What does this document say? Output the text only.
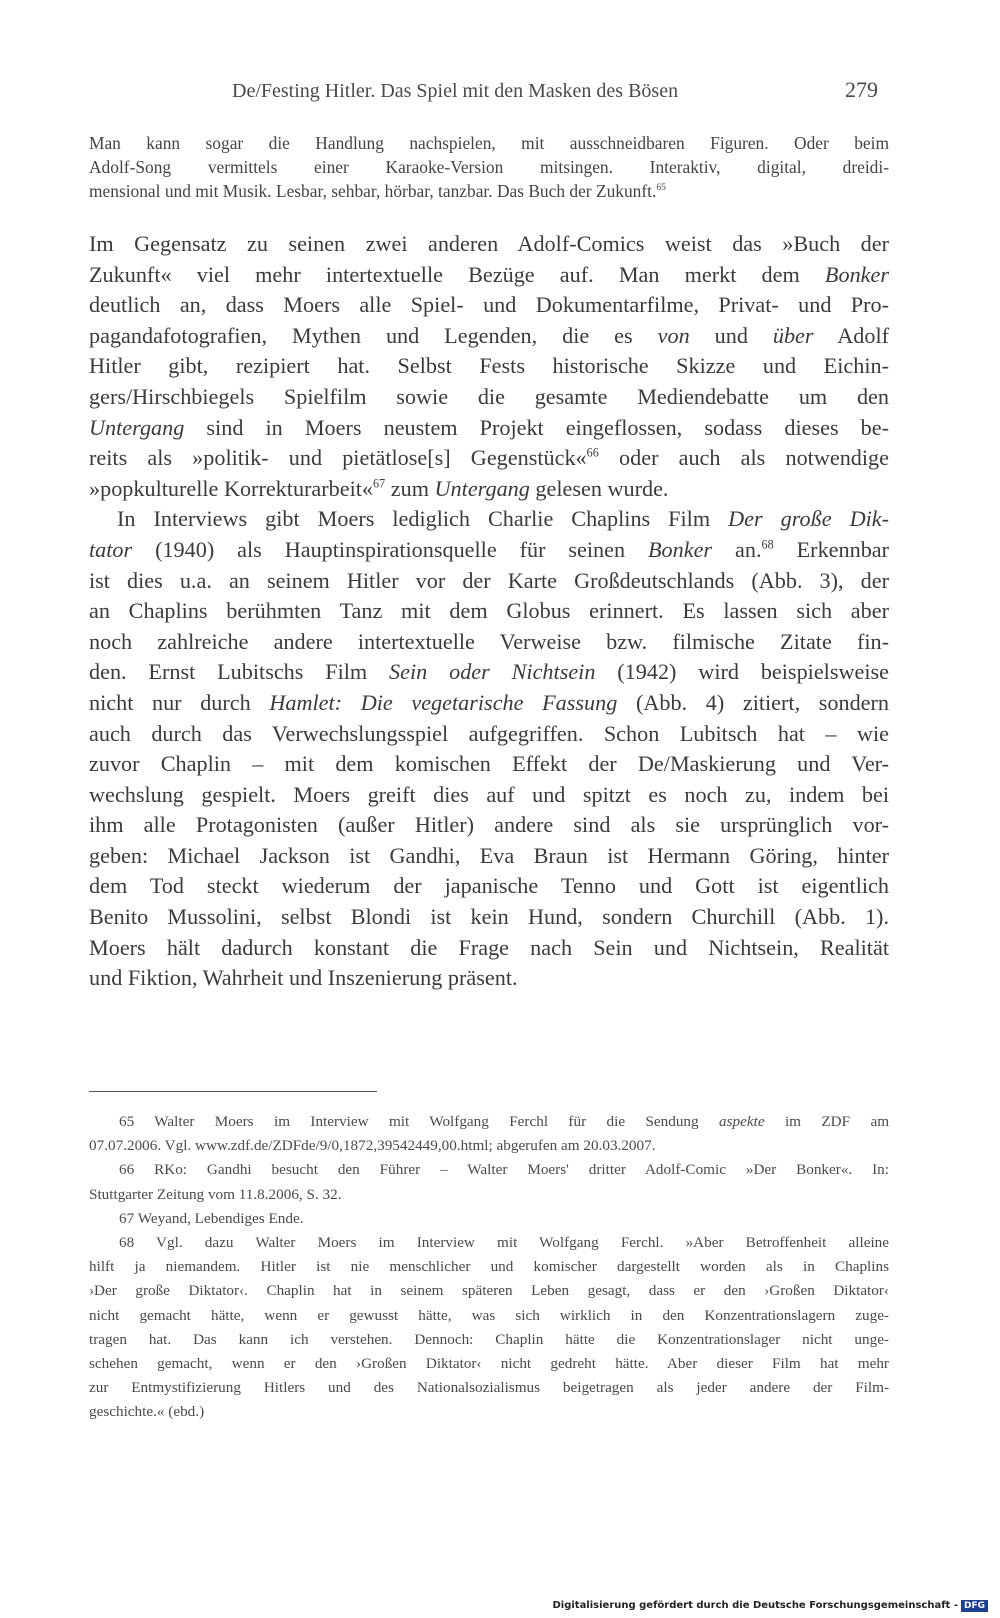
De/Festing Hitler. Das Spiel mit den Masken des Bösen	279
Man kann sogar die Handlung nachspielen, mit ausschneidbaren Figuren. Oder beim
Adolf-Song vermittels einer Karaoke-Version mitsingen. Interaktiv, digital, dreidi-
mensional und mit Musik. Lesbar, sehbar, hörbar, tanzbar. Das Buch der Zukunft.$^{65}$
Im Gegensatz zu seinen zwei anderen Adolf-Comics weist das »Buch der
Zukunft« viel mehr intertextuelle Bezüge auf. Man merkt dem Bonker
deutlich an, dass Moers alle Spiel- und Dokumentarfilme, Privat- und Pro-
pagandafotografien, Mythen und Legenden, die es von und über Adolf
Hitler gibt, rezipiert hat. Selbst Fests historische Skizze und Eichin-
gers/Hirschbiegels Spielfilm sowie die gesamte Mediendebatte um den
Untergang sind in Moers neustem Projekt eingeflossen, sodass dieses be-
reits als »politik- und pietätlose[s] Gegenstück«$^{66}$ oder auch als notwendige
»popkulturelle Korrekturarbeit«$^{67}$ zum Untergang gelesen wurde.
In Interviews gibt Moers lediglich Charlie Chaplins Film Der große Dik-
tator (1940) als Hauptinspirationsquelle für seinen Bonker an.$^{68}$ Erkennbar
ist dies u.a. an seinem Hitler vor der Karte Großdeutschlands (Abb. 3), der
an Chaplins berühmten Tanz mit dem Globus erinnert. Es lassen sich aber
noch zahlreiche andere intertextuelle Verweise bzw. filmische Zitate fin-
den. Ernst Lubitschs Film Sein oder Nichtsein (1942) wird beispielsweise
nicht nur durch Hamlet: Die vegetarische Fassung (Abb. 4) zitiert, sondern
auch durch das Verwechslungsspiel aufgegriffen. Schon Lubitsch hat – wie
zuvor Chaplin – mit dem komischen Effekt der De/Maskierung und Ver-
wechslung gespielt. Moers greift dies auf und spitzt es noch zu, indem bei
ihm alle Protagonisten (außer Hitler) andere sind als sie ursprünglich vor-
geben: Michael Jackson ist Gandhi, Eva Braun ist Hermann Göring, hinter
dem Tod steckt wiederum der japanische Tenno und Gott ist eigentlich
Benito Mussolini, selbst Blondi ist kein Hund, sondern Churchill (Abb. 1).
Moers hält dadurch konstant die Frage nach Sein und Nichtsein, Realität
und Fiktion, Wahrheit und Inszenierung präsent.
65 Walter Moers im Interview mit Wolfgang Ferchl für die Sendung aspekte im ZDF am
07.07.2006. Vgl. www.zdf.de/ZDFde/9/0,1872,39542449,00.html; abgerufen am 20.03.2007.
66 RKo: Gandhi besucht den Führer – Walter Moers' dritter Adolf-Comic »Der Bonker«. In:
Stuttgarter Zeitung vom 11.8.2006, S. 32.
67 Weyand, Lebendiges Ende.
68 Vgl. dazu Walter Moers im Interview mit Wolfgang Ferchl. »Aber Betroffenheit alleine
hilft ja niemandem. Hitler ist nie menschlicher und komischer dargestellt worden als in Chaplins
›Der große Diktator‹. Chaplin hat in seinem späteren Leben gesagt, dass er den ›Großen Diktator‹
nicht gemacht hätte, wenn er gewusst hätte, was sich wirklich in den Konzentrationslagern zuge-
tragen hat. Das kann ich verstehen. Dennoch: Chaplin hätte die Konzentrationslager nicht unge-
schehen gemacht, wenn er den ›Großen Diktator‹ nicht gedreht hätte. Aber dieser Film hat mehr
zur Entmystifizierung Hitlers und des Nationalsozialismus beigetragen als jeder andere der Film-
geschichte.« (ebd.)
Digitalisierung gefördert durch die Deutsche Forschungsgemeinschaft - DFG
